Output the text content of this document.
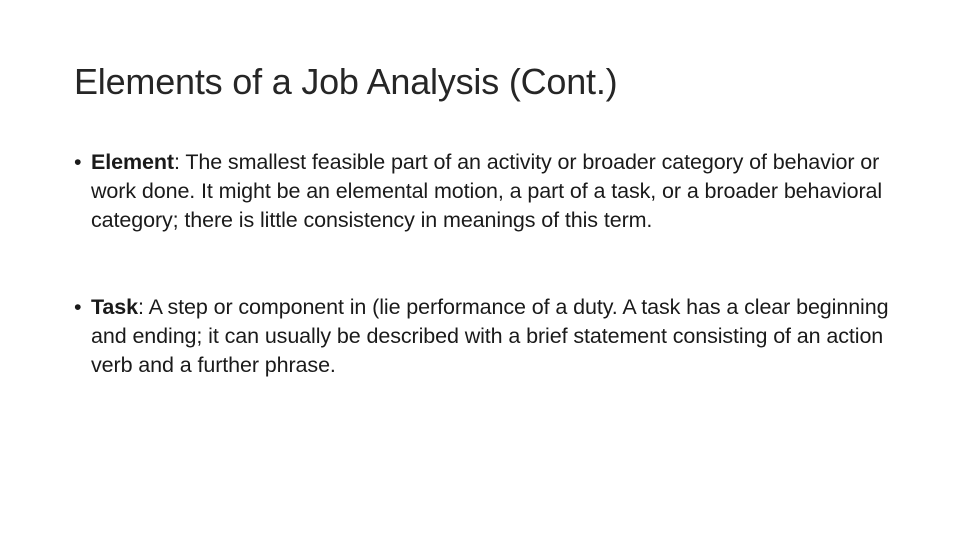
Elements of a Job Analysis (Cont.)
• Element: The smallest feasible part of an activity or broader category of behavior or work done. It might be an elemental motion, a part of a task, or a broader behavioral category; there is little consistency in meanings of this term.
• Task: A step or component in (lie performance of a duty. A task has a clear beginning and ending; it can usually be described with a brief statement consisting of an action verb and a further phrase.
